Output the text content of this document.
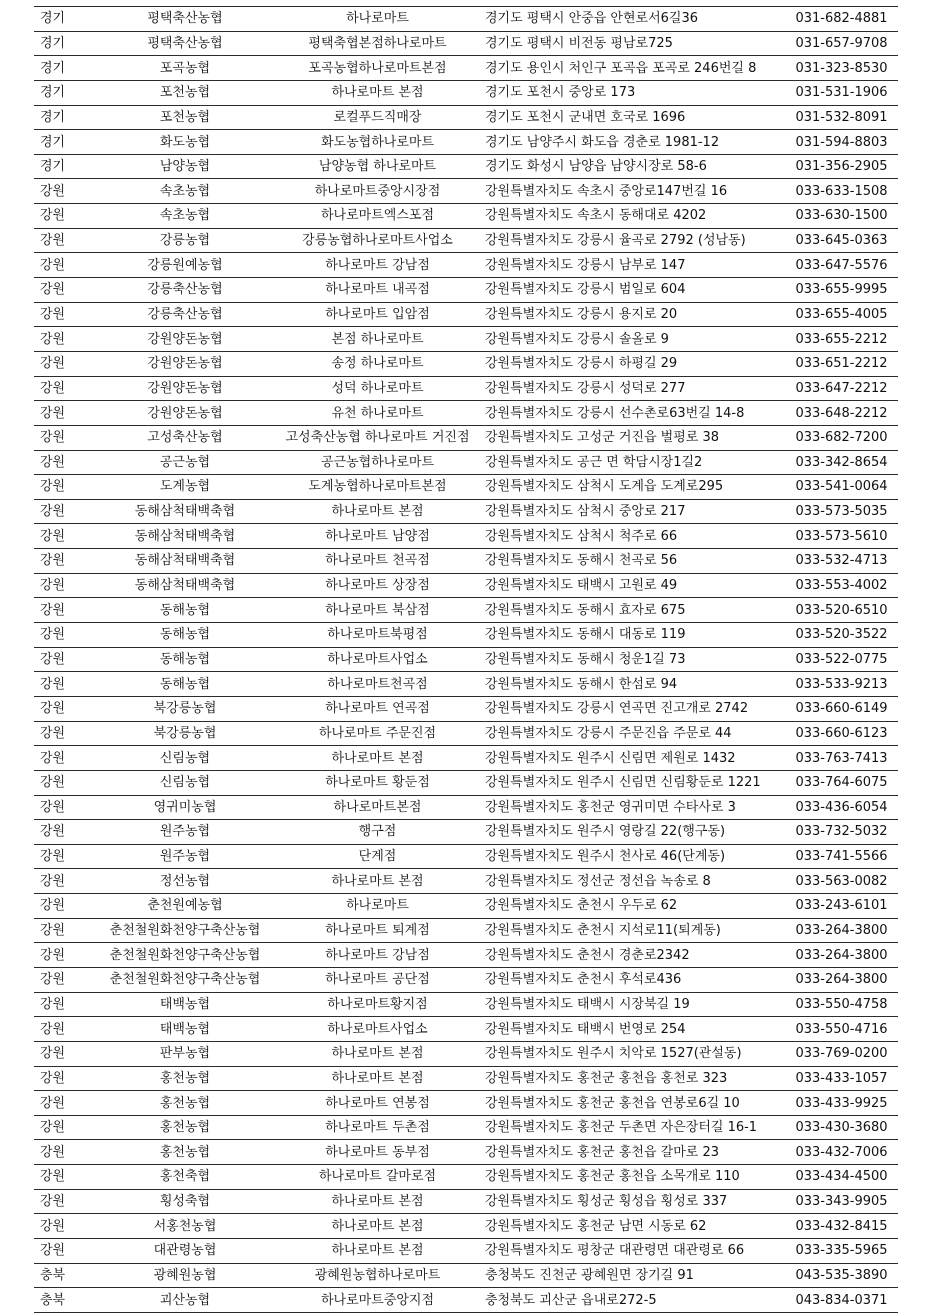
경기	평택축산농협	하나로마트	경기도 평택시 안중읍 안현로서6길36	031-682-4881
경기	평택축산농협	평택축협본점하나로마트	경기도 평택시 비전동 평남로725	031-657-9708
경기	포곡농협	포곡농협하나로마트본점	경기도 용인시 처인구 포곡읍 포곡로 246번길 8	031-323-8530
경기	포천농협	하나로마트 본점	경기도 포천시 중앙로 173	031-531-1906
경기	포천농협	로컬푸드직매장	경기도 포천시 군내면 호국로 1696	031-532-8091
경기	화도농협	화도농협하나로마트	경기도 남양주시 화도읍 경춘로 1981-12	031-594-8803
경기	남양농협	남양농협 하나로마트	경기도 화성시 남양읍 남양시장로 58-6	031-356-2905
강원	속초농협	하나로마트중앙시장점	강원특별자치도 속초시 중앙로147번길 16	033-633-1508
강원	속초농협	하나로마트엑스포점	강원특별자치도 속초시 동해대로 4202	033-630-1500
강원	강릉농협	강릉농협하나로마트사업소	강원특별자치도 강릉시 율곡로 2792 (성남동)	033-645-0363
강원	강릉원예농협	하나로마트 강남점	강원특별자치도 강릉시 남부로 147	033-647-5576
강원	강릉축산농협	하나로마트 내곡점	강원특별자치도 강릉시 범일로 604	033-655-9995
강원	강릉축산농협	하나로마트 입암점	강원특별자치도 강릉시 용지로 20	033-655-4005
강원	강원양돈농협	본점 하나로마트	강원특별자치도 강릉시 솔올로 9	033-655-2212
강원	강원양돈농협	송정 하나로마트	강원특별자치도 강릉시 하평길 29	033-651-2212
강원	강원양돈농협	성덕 하나로마트	강원특별자치도 강릉시 성덕로 277	033-647-2212
강원	강원양돈농협	유천 하나로마트	강원특별자치도 강릉시 선수촌로63번길 14-8	033-648-2212
강원	고성축산농협	고성축산농협 하나로마트 거진점	강원특별자치도 고성군 거진읍 벌평로 38	033-682-7200
강원	공근농협	공근농협하나로마트	강원특별자치도 공근 면 학담시장1길2	033-342-8654
강원	도계농협	도계농협하나로마트본점	강원특별자치도 삼척시 도계읍 도계로295	033-541-0064
강원	동해삼척태백축협	하나로마트 본점	강원특별자치도 삼척시 중앙로 217	033-573-5035
강원	동해삼척태백축협	하나로마트 남양점	강원특별자치도 삼척시 척주로 66	033-573-5610
강원	동해삼척태백축협	하나로마트 천곡점	강원특별자치도 동해시 천곡로 56	033-532-4713
강원	동해삼척태백축협	하나로마트 상장점	강원특별자치도 태백시 고원로 49	033-553-4002
강원	동해농협	하나로마트 북삼점	강원특별자치도 동해시 효자로 675	033-520-6510
강원	동해농협	하나로마트북평점	강원특별자치도 동해시 대동로 119	033-520-3522
강원	동해농협	하나로마트사업소	강원특별자치도 동해시 청운1길 73	033-522-0775
강원	동해농협	하나로마트천곡점	강원특별자치도 동해시 한섬로 94	033-533-9213
강원	북강릉농협	하나로마트 연곡점	강원특별자치도 강릉시 연곡면 진고개로 2742	033-660-6149
강원	북강릉농협	하나로마트 주문진점	강원특별자치도 강릉시 주문진읍 주문로 44	033-660-6123
강원	신림농협	하나로마트 본점	강원특별자치도 원주시 신림면 제원로 1432	033-763-7413
강원	신림농협	하나로마트 황둔점	강원특별자치도 원주시 신림면 신림황둔로 1221	033-764-6075
강원	영귀미농협	하나로마트본점	강원특별자치도 홍천군 영귀미면 수타사로 3	033-436-6054
강원	원주농협	행구점	강원특별자치도 원주시 영랑길 22(행구동)	033-732-5032
강원	원주농협	단계점	강원특별자치도 원주시 천사로 46(단계동)	033-741-5566
강원	정선농협	하나로마트 본점	강원특별자치도 정선군 정선읍 녹송로 8	033-563-0082
강원	춘천원예농협	하나로마트	강원특별자치도 춘천시 우두로 62	033-243-6101
강원	춘천철원화천양구축산농협	하나로마트 퇴계점	강원특별자치도 춘천시 지석로11(퇴계동)	033-264-3800
강원	춘천철원화천양구축산농협	하나로마트 강남점	강원특별자치도 춘천시 경춘로2342	033-264-3800
강원	춘천철원화천양구축산농협	하나로마트 공단점	강원특별자치도 춘천시 후석로436	033-264-3800
강원	태백농협	하나로마트황지점	강원특별자치도 태백시 시장북길 19	033-550-4758
강원	태백농협	하나로마트사업소	강원특별자치도 태백시 번영로 254	033-550-4716
강원	판부농협	하나로마트 본점	강원특별자치도 원주시 치악로 1527(관설동)	033-769-0200
강원	홍천농협	하나로마트 본점	강원특별자치도 홍천군 홍천읍 홍천로 323	033-433-1057
강원	홍천농협	하나로마트 연봉점	강원특별자치도 홍천군 홍천읍 연봉로6길 10	033-433-9925
강원	홍천농협	하나로마트 두촌점	강원특별자치도 홍천군 두촌면 자은장터길 16-1	033-430-3680
강원	홍천농협	하나로마트 동부점	강원특별자치도 홍천군 홍천읍 갈마로 23	033-432-7006
강원	홍천축협	하나로마트 갈마로점	강원특별자치도 홍천군 홍천읍 소목개로 110	033-434-4500
강원	횡성축협	하나로마트 본점	강원특별자치도 횡성군 횡성읍 횡성로 337	033-343-9905
강원	서홍천농협	하나로마트 본점	강원특별자치도 홍천군 남면 시동로 62	033-432-8415
강원	대관령농협	하나로마트 본점	강원특별자치도 평창군 대관령면 대관령로 66	033-335-5965
충북	광혜원농협	광혜원농협하나로마트	충청북도 진천군 광혜원면 장기길 91	043-535-3890
충북	괴산농협	하나로마트중앙지점	충청북도 괴산군 읍내로272-5	043-834-0371
